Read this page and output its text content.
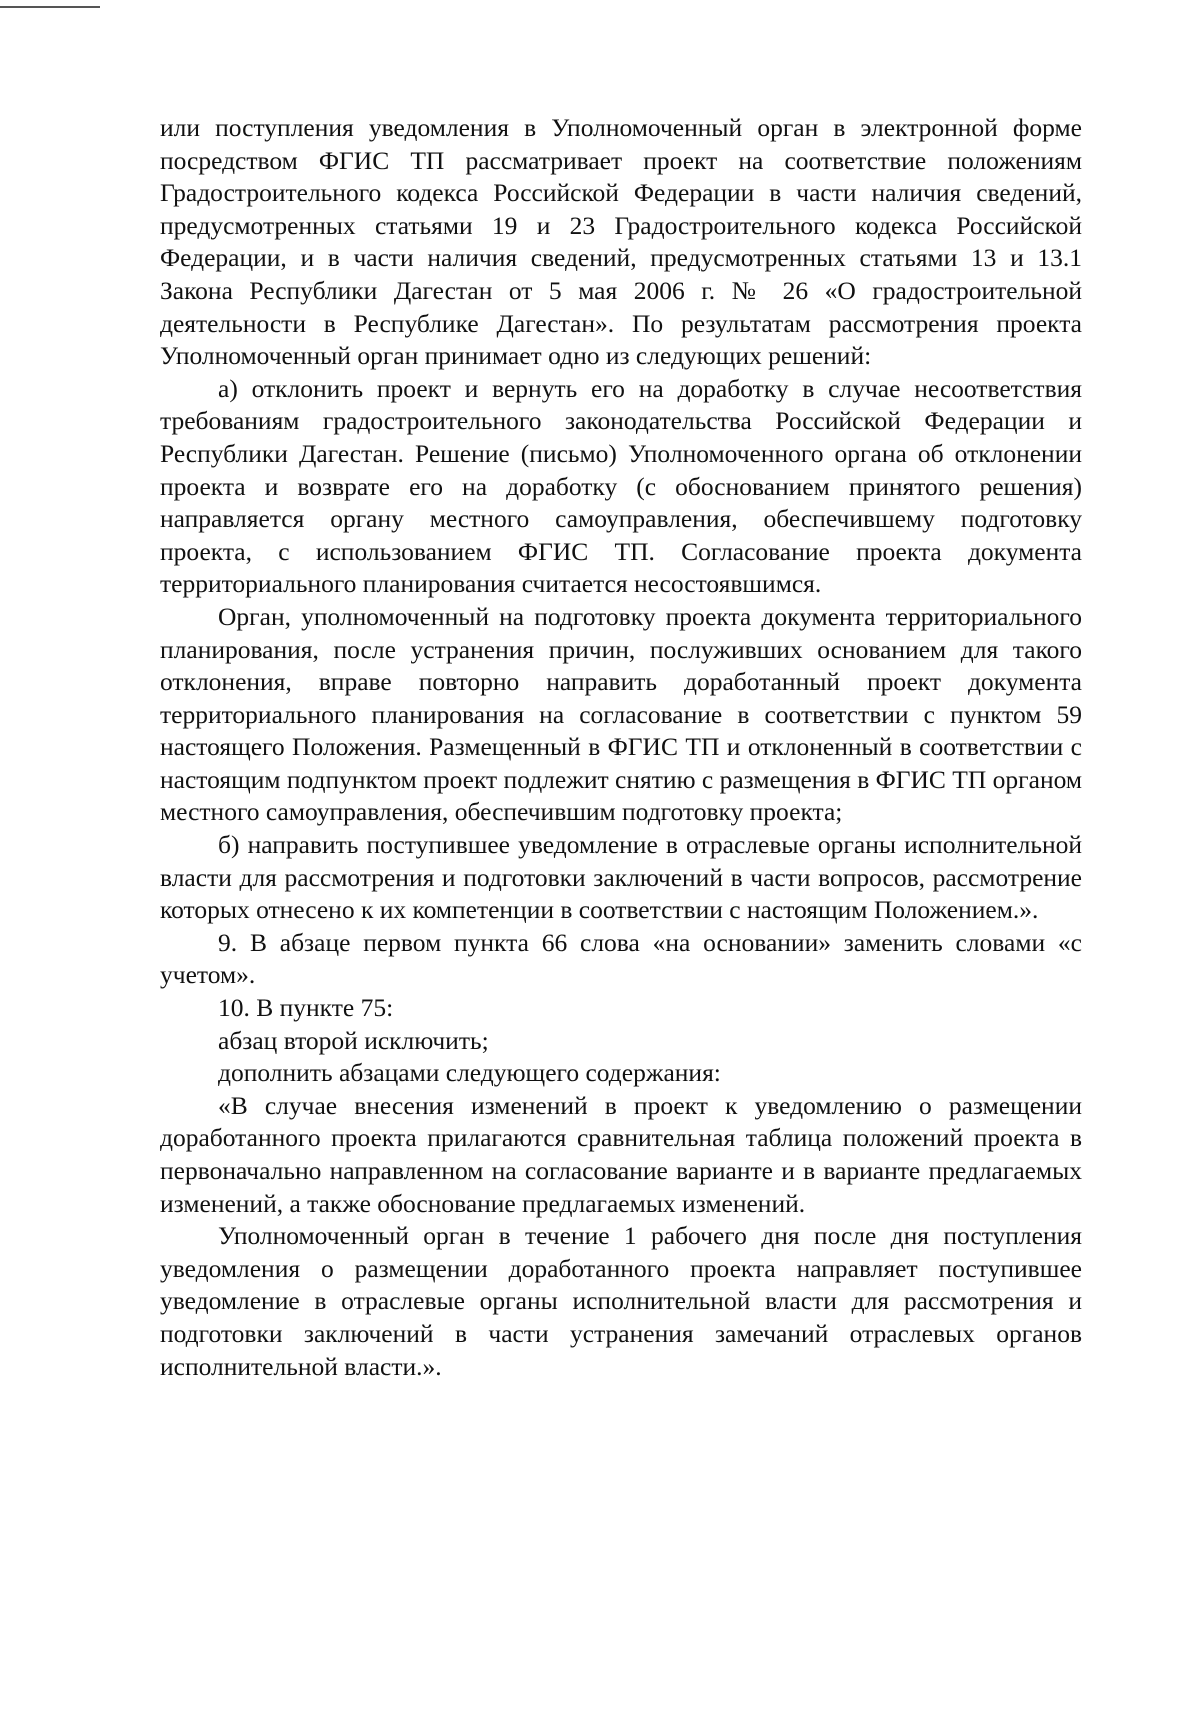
или поступления уведомления в Уполномоченный орган в электронной форме посредством ФГИС ТП рассматривает проект на соответствие положениям Градостроительного кодекса Российской Федерации в части наличия сведений, предусмотренных статьями 19 и 23 Градостроительного кодекса Российской Федерации, и в части наличия сведений, предусмотренных статьями 13 и 13.1 Закона Республики Дагестан от 5 мая 2006 г. № 26 «О градостроительной деятельности в Республике Дагестан». По результатам рассмотрения проекта Уполномоченный орган принимает одно из следующих решений:

а) отклонить проект и вернуть его на доработку в случае несоответствия требованиям градостроительного законодательства Российской Федерации и Республики Дагестан. Решение (письмо) Уполномоченного органа об отклонении проекта и возврате его на доработку (с обоснованием принятого решения) направляется органу местного самоуправления, обеспечившему подготовку проекта, с использованием ФГИС ТП. Согласование проекта документа территориального планирования считается несостоявшимся.

Орган, уполномоченный на подготовку проекта документа территориального планирования, после устранения причин, послуживших основанием для такого отклонения, вправе повторно направить доработанный проект документа территориального планирования на согласование в соответствии с пунктом 59 настоящего Положения. Размещенный в ФГИС ТП и отклоненный в соответствии с настоящим подпунктом проект подлежит снятию с размещения в ФГИС ТП органом местного самоуправления, обеспечившим подготовку проекта;

б) направить поступившее уведомление в отраслевые органы исполнительной власти для рассмотрения и подготовки заключений в части вопросов, рассмотрение которых отнесено к их компетенции в соответствии с настоящим Положением.».

9. В абзаце первом пункта 66 слова «на основании» заменить словами «с учетом».

10. В пункте 75:

абзац второй исключить;

дополнить абзацами следующего содержания:

«В случае внесения изменений в проект к уведомлению о размещении доработанного проекта прилагаются сравнительная таблица положений проекта в первоначально направленном на согласование варианте и в варианте предлагаемых изменений, а также обоснование предлагаемых изменений.

Уполномоченный орган в течение 1 рабочего дня после дня поступления уведомления о размещении доработанного проекта направляет поступившее уведомление в отраслевые органы исполнительной власти для рассмотрения и подготовки заключений в части устранения замечаний отраслевых органов исполнительной власти.».
